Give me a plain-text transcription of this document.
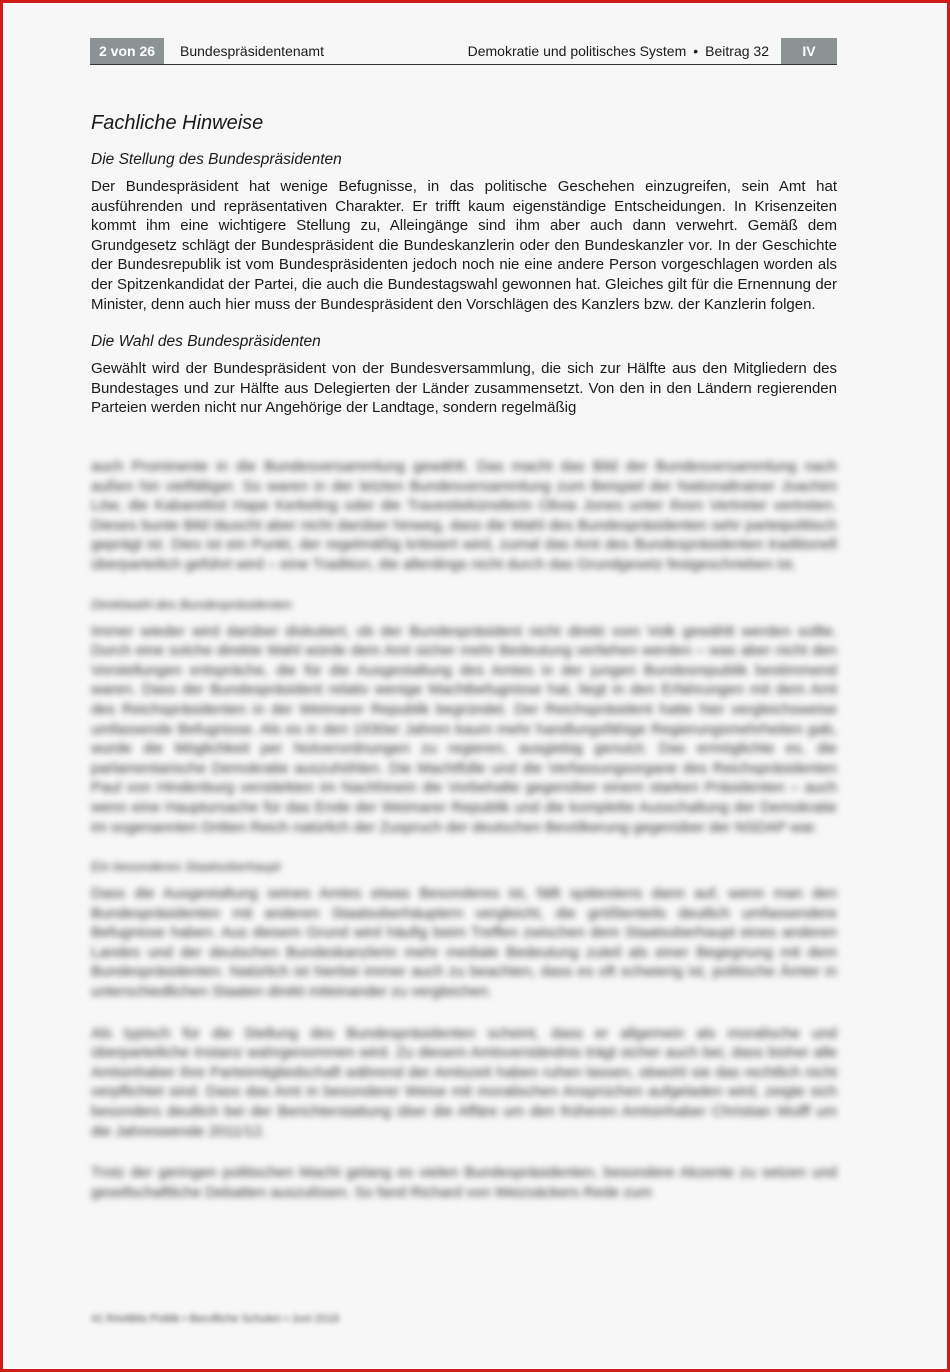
2 von 26	Bundespräsidentenamt	Demokratie und politisches System • Beitrag 32	IV
Fachliche Hinweise
Die Stellung des Bundespräsidenten

Der Bundespräsident hat wenige Befugnisse, in das politische Geschehen einzugreifen, sein Amt hat ausführenden und repräsentativen Charakter. Er trifft kaum eigenständige Entscheidungen. In Krisenzeiten kommt ihm eine wichtigere Stellung zu, Alleingänge sind ihm aber auch dann verwehrt. Gemäß dem Grundgesetz schlägt der Bundespräsident die Bundeskanzlerin oder den Bundeskanzler vor. In der Geschichte der Bundesrepublik ist vom Bundespräsidenten jedoch noch nie eine andere Person vorgeschlagen worden als der Spitzenkandidat der Partei, die auch die Bundestagswahl gewonnen hat. Gleiches gilt für die Ernennung der Minister, denn auch hier muss der Bundespräsident den Vorschlägen des Kanzlers bzw. der Kanzlerin folgen.

Die Wahl des Bundespräsidenten

Gewählt wird der Bundespräsident von der Bundesversammlung, die sich zur Hälfte aus den Mitgliedern des Bundestages und zur Hälfte aus Delegierten der Länder zusammensetzt. Von den in den Ländern regierenden Parteien werden nicht nur Angehörige der Landtage, sondern regelmäßig

auch Prominente in die Bundesversammlung gewählt. Das macht das Bild der Bundesversammlung nach außen hin vielfältiger. So waren in der letzten Bundesversammlung zum Beispiel der Nationaltrainer Joachim Löw, die Kabarettist Hape Kerkeling oder die Travestiekünstlerin Olivia Jones unter ihren Vertreter vertreten. Dieses bunte Bild täuscht aber nicht darüber hinweg, dass die Wahl des Bundespräsidenten sehr parteipolitisch geprägt ist. Dies ist ein Punkt, der regelmäßig kritisiert wird, zumal das Amt des Bundespräsidenten traditionell überparteilich geführt wird – eine Tradition, die allerdings nicht durch das Grundgesetz festgeschrieben ist.

Direktwahl des Bundespräsidenten

Immer wieder wird darüber diskutiert, ob der Bundespräsident nicht direkt vom Volk gewählt werden sollte. Durch eine solche direkte Wahl würde dem Amt sicher mehr Bedeutung verliehen werden – was aber nicht den Vorstellungen entspräche, die für die Ausgestaltung des Amtes in der jungen Bundesrepublik bestimmend waren. Dass der Bundespräsident relativ wenige Machtbefugnisse hat, liegt in den Erfahrungen mit dem Amt des Reichspräsidenten in der Weimarer Republik begründet. Der Reichspräsident hatte hier vergleichsweise umfassende Befugnisse. Als es in den 1930er Jahren kaum mehr handlungsfähige Regierungsmehrheiten gab, wurde die Möglichkeit per Notverordnungen zu regieren, ausgiebig genutzt. Das ermöglichte es, die parlamentarische Demokratie auszuhöhlen. Die Machtfülle und die Verfassungsorgane des Reichspräsidenten Paul von Hindenburg verstärkten im Nachhinein die Vorbehalte gegenüber einem starken Präsidenten – auch wenn eine Hauptursache für das Ende der Weimarer Republik und die komplette Ausschaltung der Demokratie im sogenannten Dritten Reich natürlich der Zuspruch der deutschen Bevölkerung gegenüber der NSDAP war.

Ein besonderes Staatsoberhaupt

Dass die Ausgestaltung seines Amtes etwas Besonderes ist, fällt spätestens dann auf, wenn man den Bundespräsidenten mit anderen Staatsoberhäuptern vergleicht, die größtenteils deutlich umfassendere Befugnisse haben. Aus diesem Grund wird häufig beim Treffen zwischen dem Staatsoberhaupt eines anderen Landes und der deutschen Bundeskanzlerin mehr mediale Bedeutung zuteil als einer Begegnung mit dem Bundespräsidenten. Natürlich ist hierbei immer auch zu beachten, dass es oft schwierig ist, politische Ämter in unterschiedlichen Staaten direkt miteinander zu vergleichen.

Als typisch für die Stellung des Bundespräsidenten scheint, dass er allgemein als moralische und überparteiliche Instanz wahrgenommen wird. Zu diesem Amtsverständnis trägt sicher auch bei, dass bisher alle Amtsinhaber ihre Parteimitgliedschaft während der Amtszeit haben ruhen lassen, obwohl sie das rechtlich nicht verpflichtet sind. Dass das Amt in besonderer Weise mit moralischen Ansprüchen aufgeladen wird, zeigte sich besonders deutlich bei der Berichterstattung über die Affäre um den früheren Amtsinhaber Christian Wulff um die Jahreswende 2011/12.

Trotz der geringen politischen Macht gelang es vielen Bundespräsidenten, besondere Akzente zu setzen und gesellschaftliche Debatten auszulösen. So fand Richard von Weizsäckers Rede zum

41 RAABits Politik • Berufliche Schulen • Juni 2018
